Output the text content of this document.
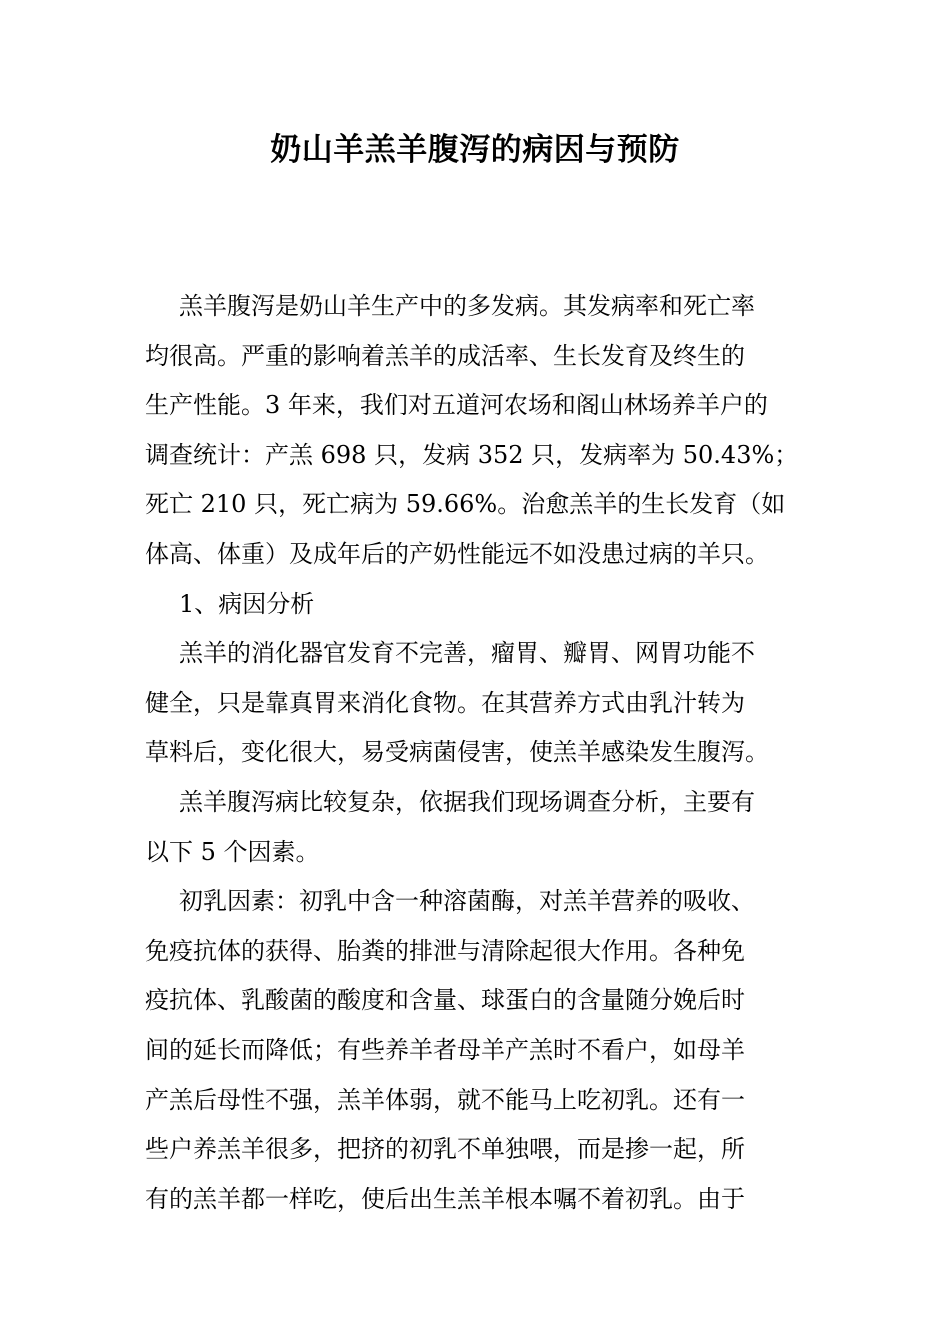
奶山羊羔羊腹泻的病因与预防

羔羊腹泻是奶山羊生产中的多发病。其发病率和死亡率
均很高。严重的影响着羔羊的成活率、生长发育及终生的
生产性能。3 年来，我们对五道河农场和阁山林场养羊户的
调查统计：产羔 698 只，发病 352 只，发病率为 50.43%；
死亡 210 只，死亡病为 59.66%。治愈羔羊的生长发育（如
体高、体重）及成年后的产奶性能远不如没患过病的羊只。

1、病因分析

羔羊的消化器官发育不完善，瘤胃、瓣胃、网胃功能不
健全，只是靠真胃来消化食物。在其营养方式由乳汁转为
草料后，变化很大，易受病菌侵害，使羔羊感染发生腹泻。

羔羊腹泻病比较复杂，依据我们现场调查分析，主要有
以下 5 个因素。

初乳因素：初乳中含一种溶菌酶，对羔羊营养的吸收、
免疫抗体的获得、胎粪的排泄与清除起很大作用。各种免
疫抗体、乳酸菌的酸度和含量、球蛋白的含量随分娩后时
间的延长而降低；有些养羊者母羊产羔时不看户，如母羊
产羔后母性不强，羔羊体弱，就不能马上吃初乳。还有一
些户养羔羊很多，把挤的初乳不单独喂，而是掺一起，所
有的羔羊都一样吃，使后出生羔羊根本嘱不着初乳。由于
